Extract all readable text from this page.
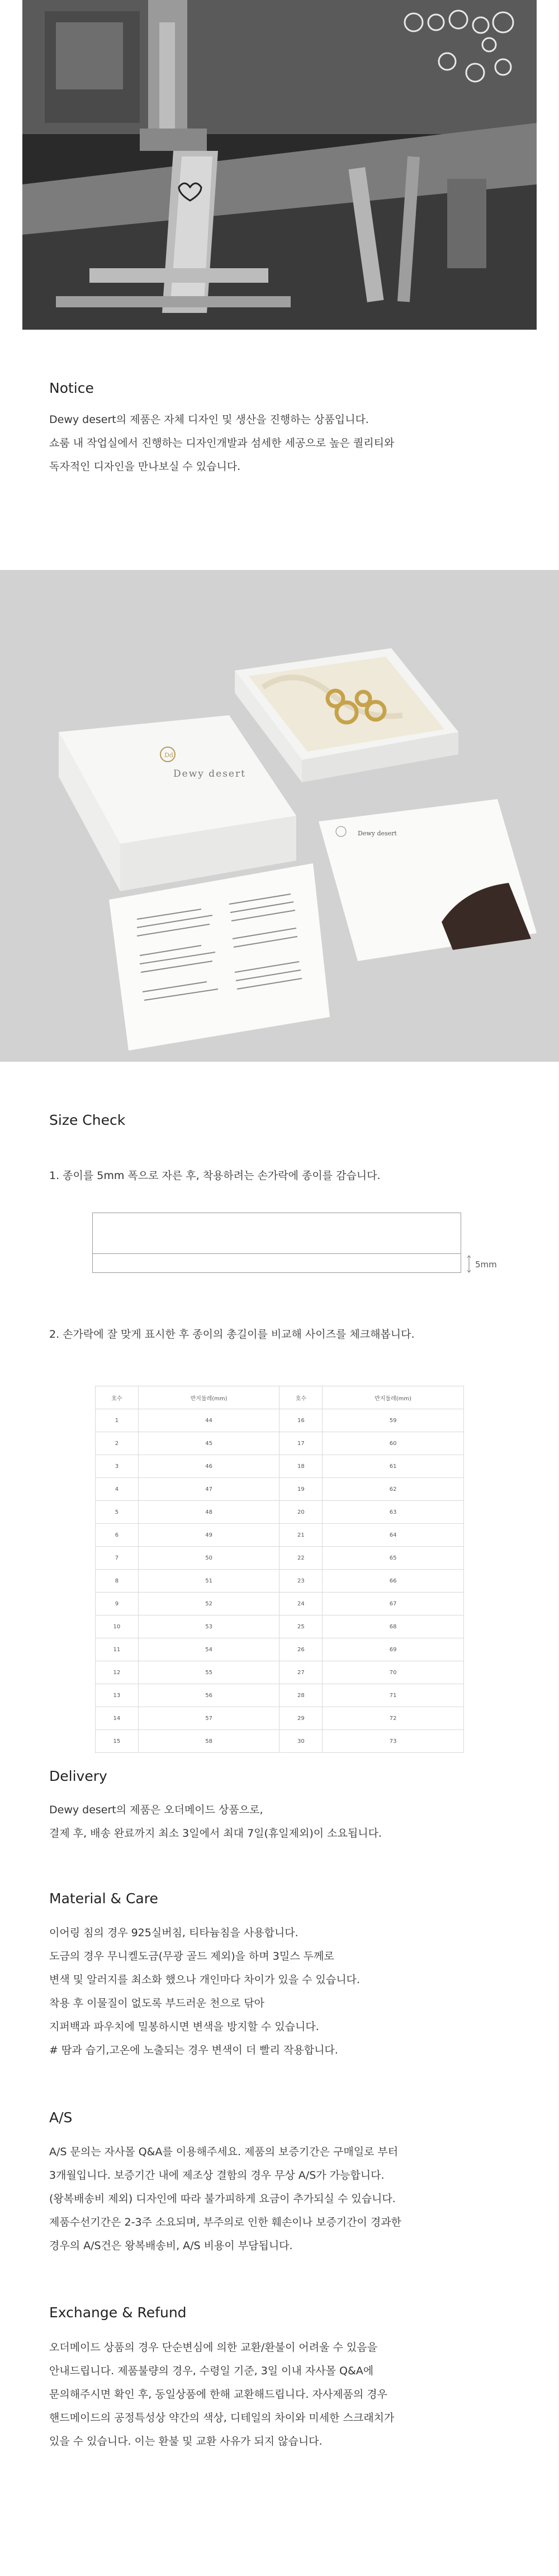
Notice
Dewy desert의 제품은 자체 디자인 및 생산을 진행하는 상품입니다.
쇼룸 내 작업실에서 진행하는 디자인개발과 섬세한 세공으로 높은 퀄리티와
독자적인 디자인을 만나보실 수 있습니다.
Dd
Dewy desert
Dewy desert
Size Check
1. 종이를 5mm 폭으로 자른 후, 착용하려는 손가락에 종이를 감습니다.
5mm
2. 손가락에 잘 맞게 표시한 후 종이의 총길이를 비교해 사이즈를 체크해봅니다.
호수	반지둘레(mm)	호수	반지둘레(mm)
1	44	16	59
2	45	17	60
3	46	18	61
4	47	19	62
5	48	20	63
6	49	21	64
7	50	22	65
8	51	23	66
9	52	24	67
10	53	25	68
11	54	26	69
12	55	27	70
13	56	28	71
14	57	29	72
15	58	30	73
Delivery
Dewy desert의 제품은 오더메이드 상품으로,
결제 후, 배송 완료까지 최소 3일에서 최대 7일(휴일제외)이 소요됩니다.
Material & Care
이어링 침의 경우 925실버침, 티타늄침을 사용합니다.
도금의 경우 무니켈도금(무광 골드 제외)을 하며 3밀스 두께로
변색 및 알러지를 최소화 했으나 개인마다 차이가 있을 수 있습니다.
착용 후 이물질이 없도록 부드러운 천으로 닦아
지퍼백과 파우치에 밀봉하시면 변색을 방지할 수 있습니다.
# 땀과 습기,고온에 노출되는 경우 변색이 더 빨리 작용합니다.
A/S
A/S 문의는 자사몰 Q&A를 이용해주세요. 제품의 보증기간은 구매일로 부터
3개월입니다. 보증기간 내에 제조상 결함의 경우 무상 A/S가 가능합니다.
(왕복배송비 제외) 디자인에 따라 불가피하게 요금이 추가되실 수 있습니다.
제품수선기간은 2-3주 소요되며, 부주의로 인한 훼손이나 보증기간이 경과한
경우의 A/S건은 왕복배송비, A/S 비용이 부담됩니다.
Exchange & Refund
오더메이드 상품의 경우 단순변심에 의한 교환/환불이 어려울 수 있음을
안내드립니다. 제품불량의 경우, 수령일 기준, 3일 이내 자사몰 Q&A에
문의해주시면 확인 후, 동일상품에 한해 교환해드립니다. 자사제품의 경우
핸드메이드의 공정특성상 약간의 색상, 디테일의 차이와 미세한 스크래치가
있을 수 있습니다. 이는 환불 및 교환 사유가 되지 않습니다.
